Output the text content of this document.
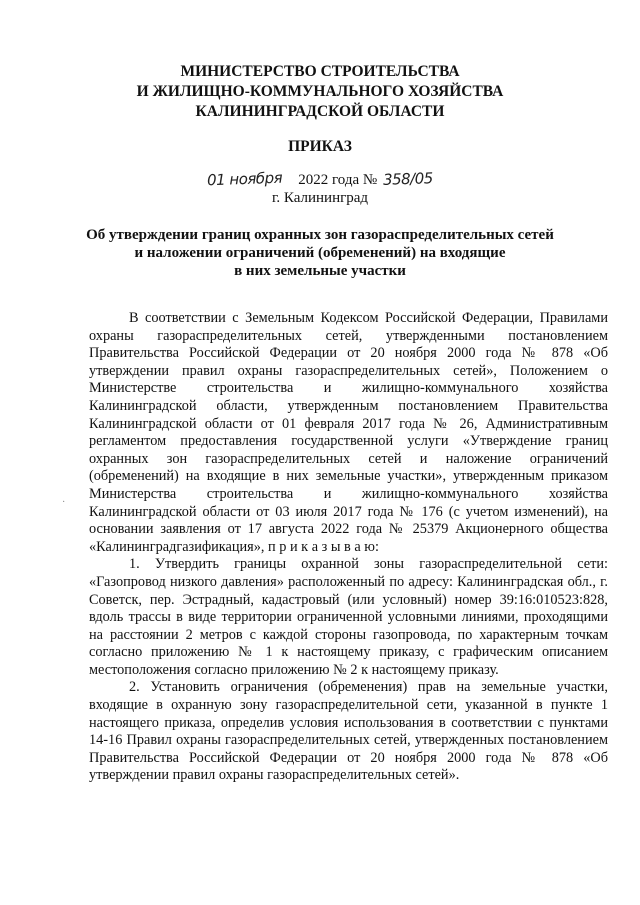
МИНИСТЕРСТВО СТРОИТЕЛЬСТВА
И ЖИЛИЩНО-КОММУНАЛЬНОГО ХОЗЯЙСТВА
КАЛИНИНГРАДСКОЙ ОБЛАСТИ
ПРИКАЗ
01 ноября 2022 года № 358/05
г. Калининград
Об утверждении границ охранных зон газораспределительных сетей
и наложении ограничений (обременений) на входящие
в них земельные участки
·

В соответствии с Земельным Кодексом Российской Федерации, Правилами охраны газораспределительных сетей, утвержденными постановлением Правительства Российской Федерации от 20 ноября 2000 года № 878 «Об утверждении правил охраны газораспределительных сетей», Положением о Министерстве строительства и жилищно-коммунального хозяйства Калининградской области, утвержденным постановлением Правительства Калининградской области от 01 февраля 2017 года № 26, Административным регламентом предоставления государственной услуги «Утверждение границ охранных зон газораспределительных сетей и наложение ограничений (обременений) на входящие в них земельные участки», утвержденным приказом Министерства строительства и жилищно-коммунального хозяйства Калининградской области от 03 июля 2017 года № 176 (с учетом изменений), на основании заявления от 17 августа 2022 года № 25379 Акционерного общества «Калининградгазификация», п р и к а з ы в а ю:

1. Утвердить границы охранной зоны газораспределительной сети: «Газопровод низкого давления» расположенный по адресу: Калининградская обл., г. Советск, пер. Эстрадный, кадастровый (или условный) номер 39:16:010523:828, вдоль трассы в виде территории ограниченной условными линиями, проходящими на расстоянии 2 метров с каждой стороны газопровода, по характерным точкам согласно приложению № 1 к настоящему приказу, с графическим описанием местоположения согласно приложению № 2 к настоящему приказу.

2. Установить ограничения (обременения) прав на земельные участки, входящие в охранную зону газораспределительной сети, указанной в пункте 1 настоящего приказа, определив условия использования в соответствии с пунктами 14-16 Правил охраны газораспределительных сетей, утвержденных постановлением Правительства Российской Федерации от 20 ноября 2000 года № 878 «Об утверждении правил охраны газораспределительных сетей».
